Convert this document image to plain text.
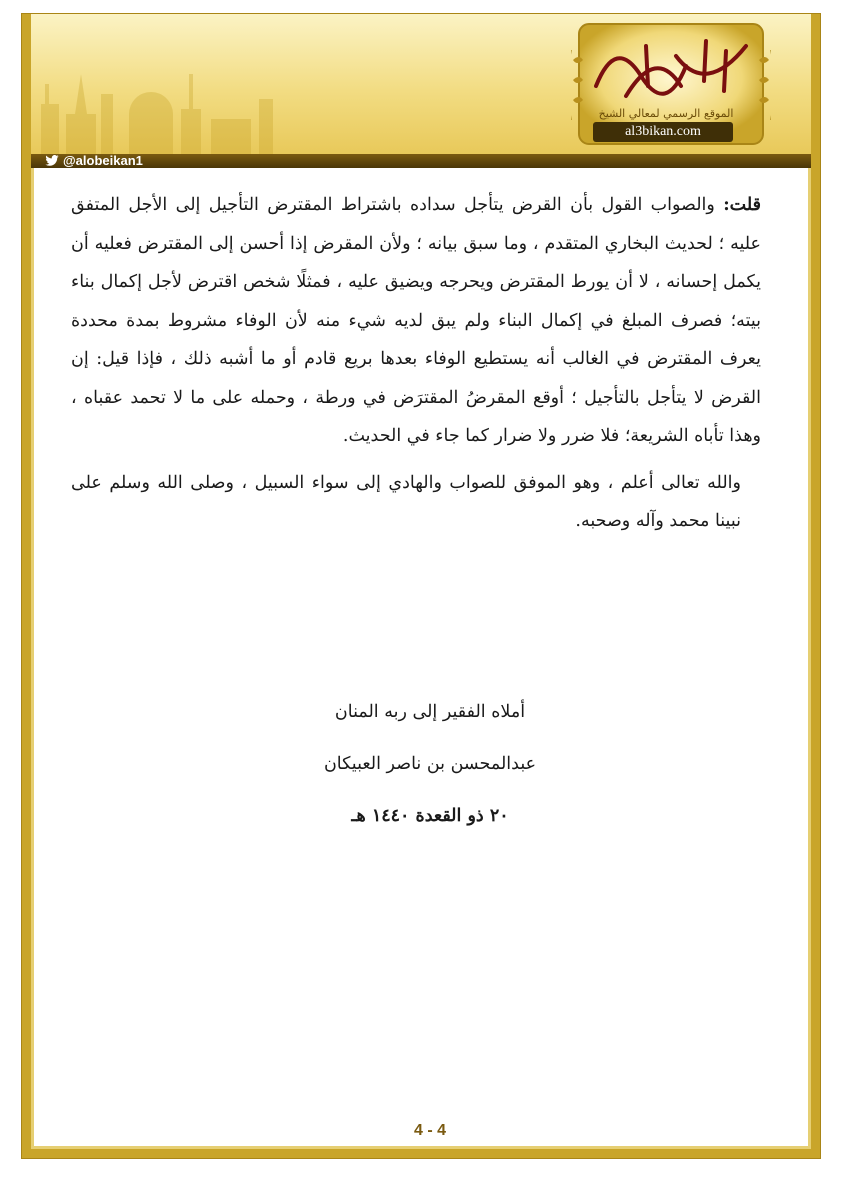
الموقع الرسمي لمعالي الشيخ
al3bikan.com
@alobeikan1

قلت: والصواب القول بأن القرض يتأجل سداده باشتراط المقترض التأجيل إلى الأجل المتفق عليه ؛ لحديث البخاري المتقدم ، وما سبق بيانه ؛ ولأن المقرض إذا أحسن إلى المقترض فعليه أن يكمل إحسانه ، لا أن يورط المقترض ويحرجه ويضيق عليه ، فمثلًا شخص اقترض لأجل إكمال بناء بيته؛ فصرف المبلغ في إكمال البناء ولم يبق لديه شيء منه لأن الوفاء مشروط بمدة محددة يعرف المقترض في الغالب أنه يستطيع الوفاء بعدها بريع قادم أو ما أشبه ذلك ، فإذا قيل: إن القرض لا يتأجل بالتأجيل ؛ أوقع المقرضُ المقترَض في ورطة ، وحمله على ما لا تحمد عقباه ، وهذا تأباه الشريعة؛ فلا ضرر ولا ضرار كما جاء في الحديث.

والله تعالى أعلم ، وهو الموفق للصواب والهادي إلى سواء السبيل ، وصلى الله وسلم على نبينا محمد وآله وصحبه.

أملاه الفقير إلى ربه المنان
عبدالمحسن بن ناصر العبيكان
٢٠ ذو القعدة ١٤٤٠ هـ
4 - 4
